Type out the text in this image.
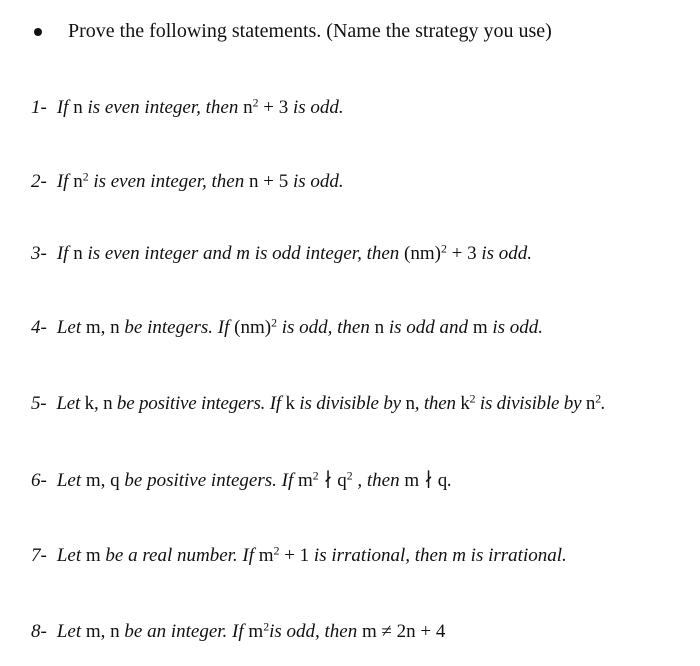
Prove the following statements. (Name the strategy you use)
1- If n is even integer, then $n^2 + 3$ is odd.
2- If $n^2$ is even integer, then n + 5 is odd.
3- If n is even integer and m is odd integer, then (nm)$^2$ + 3 is odd.
4- Let m, n be integers. If (nm)$^2$ is odd, then n is odd and m is odd.
5- Let k, n be positive integers. If k is divisible by n, then $k^2$ is divisible by $n^2$.
6- Let m, q be positive integers. If $m^2$ ∤ $q^2$ , then m ∤ q.
7- Let m be a real number. If $m^2 + 1$ is irrational, then m is irrational.
8- Let m, n be an integer. If $m^2is$ odd, then m ≠ 2n + 4
